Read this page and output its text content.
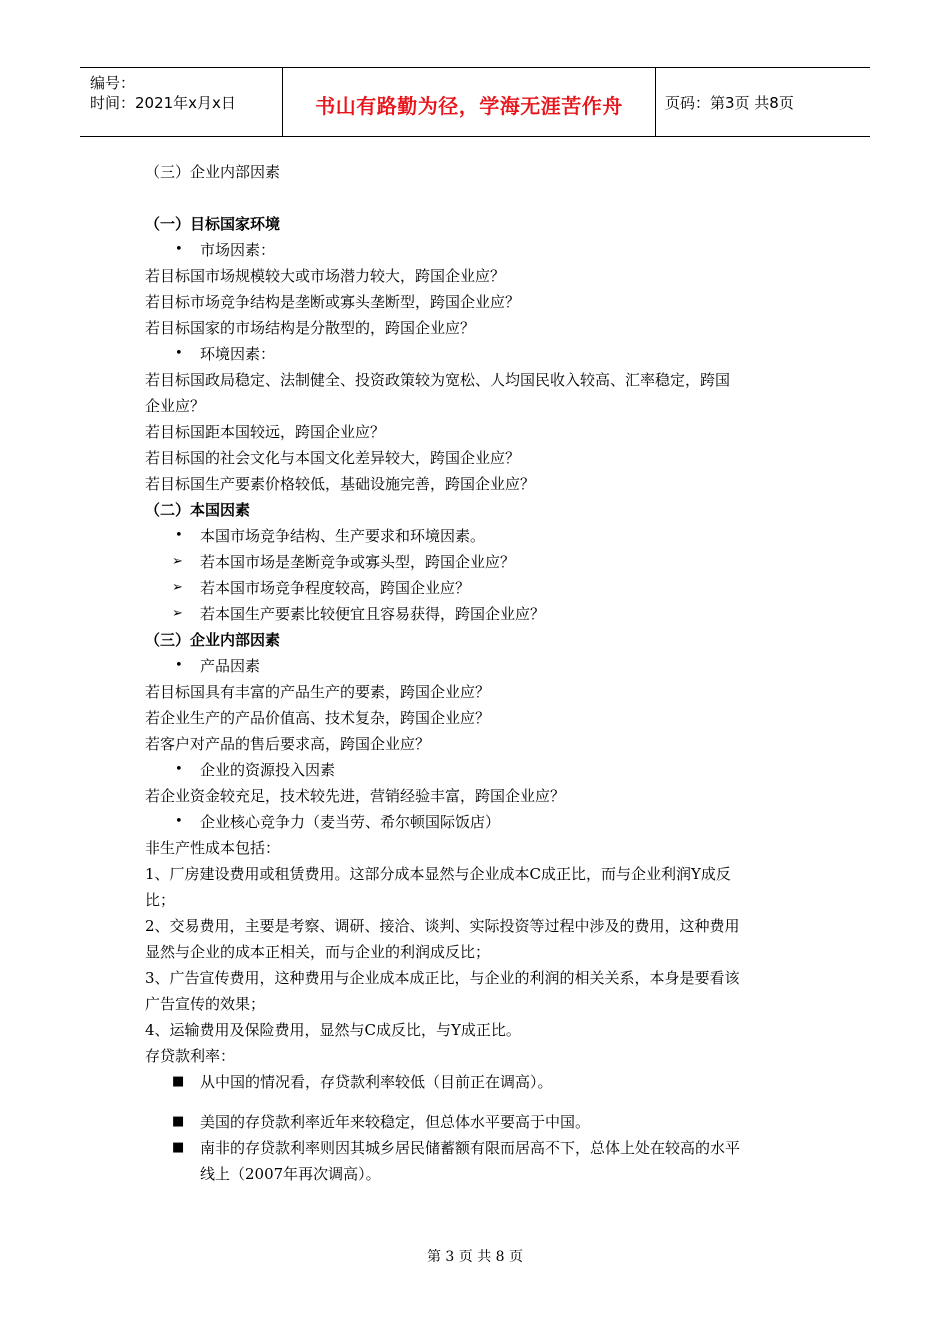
编号：
时间：2021年x月x日	书山有路勤为径，学海无涯苦作舟	页码：第3页 共8页
（三）企业内部因素
（一）目标国家环境
• 市场因素：
若目标国市场规模较大或市场潜力较大，跨国企业应？
若目标市场竞争结构是垄断或寡头垄断型，跨国企业应？
若目标国家的市场结构是分散型的，跨国企业应？
• 环境因素：
若目标国政局稳定、法制健全、投资政策较为宽松、人均国民收入较高、汇率稳定，跨国
企业应？
若目标国距本国较远，跨国企业应？
若目标国的社会文化与本国文化差异较大，跨国企业应？
若目标国生产要素价格较低，基础设施完善，跨国企业应？
（二）本国因素
• 本国市场竞争结构、生产要求和环境因素。
➢ 若本国市场是垄断竞争或寡头型，跨国企业应？
➢ 若本国市场竞争程度较高，跨国企业应？
➢ 若本国生产要素比较便宜且容易获得，跨国企业应？
（三）企业内部因素
• 产品因素
若目标国具有丰富的产品生产的要素，跨国企业应？
若企业生产的产品价值高、技术复杂，跨国企业应？
若客户对产品的售后要求高，跨国企业应？
• 企业的资源投入因素
若企业资金较充足，技术较先进，营销经验丰富，跨国企业应？
• 企业核心竞争力（麦当劳、希尔顿国际饭店）
非生产性成本包括：
1、厂房建设费用或租赁费用。这部分成本显然与企业成本C成正比，而与企业利润Y成反
比；
2、交易费用，主要是考察、调研、接洽、谈判、实际投资等过程中涉及的费用，这种费用
显然与企业的成本正相关，而与企业的利润成反比；
3、广告宣传费用，这种费用与企业成本成正比，与企业的利润的相关关系，本身是要看该
广告宣传的效果；
4、运输费用及保险费用，显然与C成反比，与Y成正比。
存贷款利率：
■ 从中国的情况看，存贷款利率较低（目前正在调高）。
■ 美国的存贷款利率近年来较稳定，但总体水平要高于中国。
■ 南非的存贷款利率则因其城乡居民储蓄额有限而居高不下，总体上处在较高的水平
线上（2007年再次调高）。
第 3 页 共 8 页
